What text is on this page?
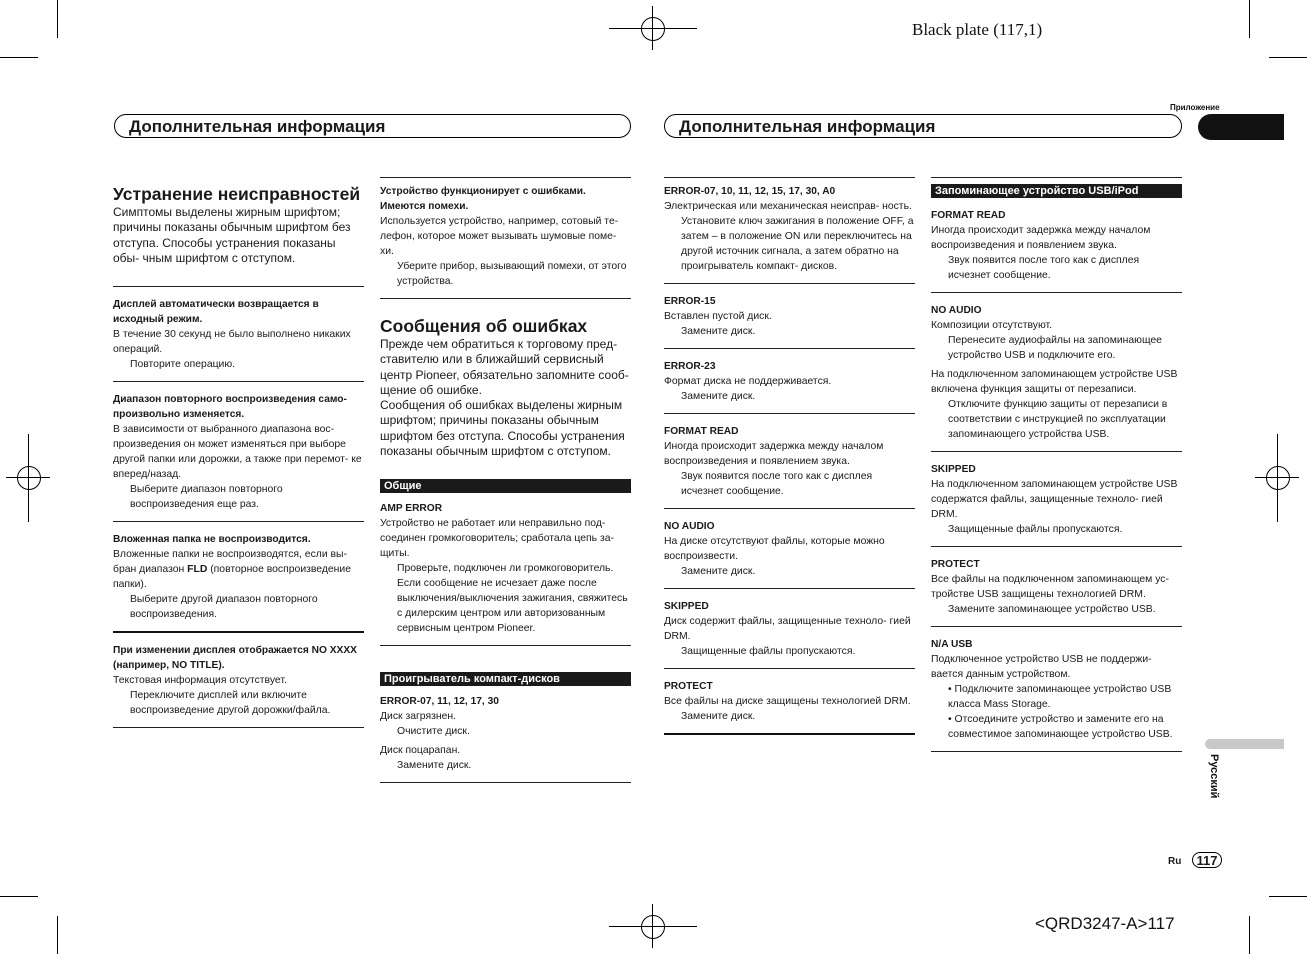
Black plate (117,1)
Приложение
Дополнительная информация	Дополнительная информация

Устранение неисправностей

Симптомы выделены жирным шрифтом; причины показаны обычным шрифтом без отступа. Способы устранения показаны обы- чным шрифтом с отступом.

Дисплей автоматически возвращается в исходный режим.

В течение 30 секунд не было выполнено никаких операций.

Повторите операцию.

Диапазон повторного воспроизведения само- произвольно изменяется.

В зависимости от выбранного диапазона вос- произведения он может изменяться при выборе другой папки или дорожки, а также при перемот- ке вперед/назад.

Выберите диапазон повторного воспроизведения еще раз.

Вложенная папка не воспроизводится.

Вложенные папки не воспроизводятся, если вы- бран диапазон FLD (повторное воспроизведение папки).

Выберите другой диапазон повторного воспроизведения.

При изменении дисплея отображается NO XXXX (например, NO TITLE).

Текстовая информация отсутствует.

Переключите дисплей или включите воспроизведение другой дорожки/файла.

Устройство функционирует с ошибками. Имеются помехи.

Используется устройство, например, сотовый те- лефон, которое может вызывать шумовые поме- хи.

Уберите прибор, вызывающий помехи, от этого устройства.

Сообщения об ошибках

Прежде чем обратиться к торговому пред- ставителю или в ближайший сервисный центр Pioneer, обязательно запомните сооб- щение об ошибке.

Сообщения об ошибках выделены жирным шрифтом; причины показаны обычным шрифтом без отступа. Способы устранения показаны обычным шрифтом с отступом.

Общие

AMP ERROR

Устройство не работает или неправильно под- соединен громкоговоритель; сработала цепь за- щиты.

Проверьте, подключен ли громкоговоритель. Если сообщение не исчезает даже после выключения/выключения зажигания, свяжитесь с дилерским центром или авторизованным сервисным центром Pioneer.

Проигрыватель компакт-дисков

ERROR-07, 11, 12, 17, 30

Диск загрязнен.

Очистите диск.

Диск поцарапан.

Замените диск.

ERROR-07, 10, 11, 12, 15, 17, 30, A0

Электрическая или механическая неисправ- ность.

Установите ключ зажигания в положение OFF, а затем – в положение ON или переключитесь на другой источник сигнала, а затем обратно на проигрыватель компакт- дисков.

ERROR-15

Вставлен пустой диск.

Замените диск.

ERROR-23

Формат диска не поддерживается.

Замените диск.

FORMAT READ

Иногда происходит задержка между началом воспроизведения и появлением звука.

Звук появится после того как с дисплея исчезнет сообщение.

NO AUDIO

На диске отсутствуют файлы, которые можно воспроизвести.

Замените диск.

SKIPPED

Диск содержит файлы, защищенные техноло- гией DRM.

Защищенные файлы пропускаются.

PROTECT

Все файлы на диске защищены технологией DRM.

Замените диск.

Запоминающее устройство USB/iPod

FORMAT READ

Иногда происходит задержка между началом воспроизведения и появлением звука.

Звук появится после того как с дисплея исчезнет сообщение.

NO AUDIO

Композиции отсутствуют.

Перенесите аудиофайлы на запоминающее устройство USB и подключите его.

На подключенном запоминающем устройстве USB включена функция защиты от перезаписи.

Отключите функцию защиты от перезаписи в соответствии с инструкцией по эксплуатации запоминающего устройства USB.

SKIPPED

На подключенном запоминающем устройстве USB содержатся файлы, защищенные техноло- гией DRM.

Защищенные файлы пропускаются.

PROTECT

Все файлы на подключенном запоминающем ус- тройстве USB защищены технологией DRM.

Замените запоминающее устройство USB.

N/A USB

Подключенное устройство USB не поддержи- вается данным устройством.

• Подключите запоминающее устройство USB класса Mass Storage.

• Отсоедините устройство и замените его на совместимое запоминающее устройство USB.

Русский
Ru	117
<QRD3247-A>117
